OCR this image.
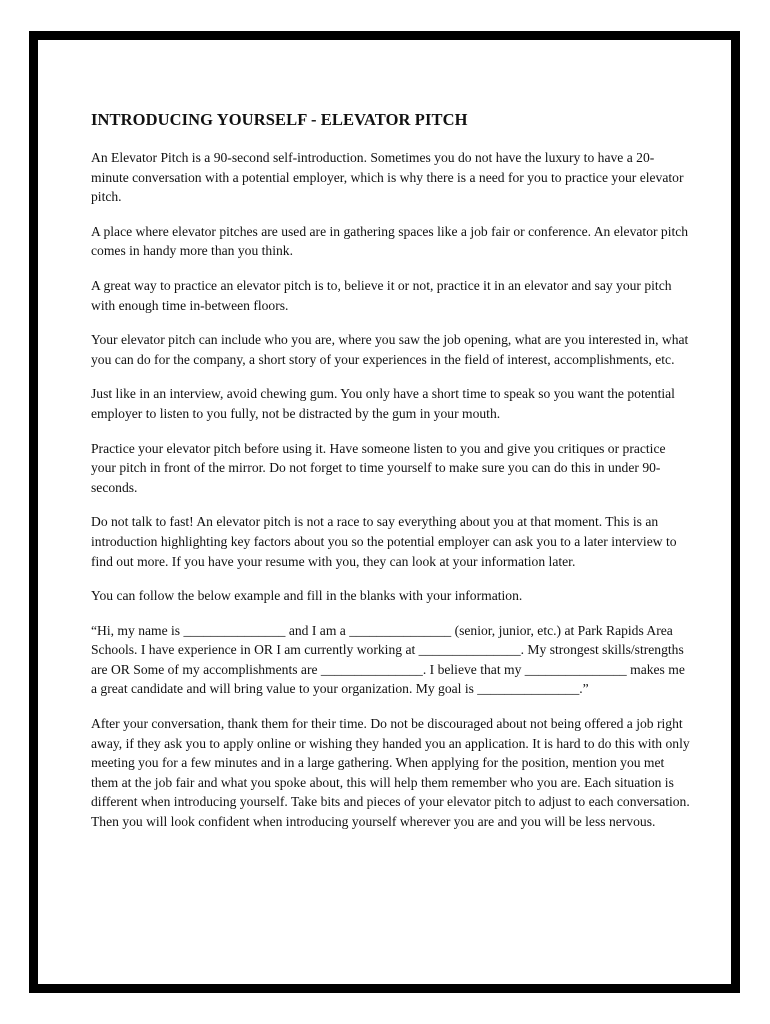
INTRODUCING YOURSELF - ELEVATOR PITCH

An Elevator Pitch is a 90-second self-introduction. Sometimes you do not have the luxury to have a 20-minute conversation with a potential employer, which is why there is a need for you to practice your elevator pitch.

A place where elevator pitches are used are in gathering spaces like a job fair or conference. An elevator pitch comes in handy more than you think.

A great way to practice an elevator pitch is to, believe it or not, practice it in an elevator and say your pitch with enough time in-between floors.

Your elevator pitch can include who you are, where you saw the job opening, what are you interested in, what you can do for the company, a short story of your experiences in the field of interest, accomplishments, etc.

Just like in an interview, avoid chewing gum. You only have a short time to speak so you want the potential employer to listen to you fully, not be distracted by the gum in your mouth.

Practice your elevator pitch before using it. Have someone listen to you and give you critiques or practice your pitch in front of the mirror. Do not forget to time yourself to make sure you can do this in under 90-seconds.

Do not talk to fast! An elevator pitch is not a race to say everything about you at that moment. This is an introduction highlighting key factors about you so the potential employer can ask you to a later interview to find out more. If you have your resume with you, they can look at your information later.

You can follow the below example and fill in the blanks with your information.

“Hi, my name is _______________ and I am a _______________ (senior, junior, etc.) at Park Rapids Area Schools. I have experience in OR I am currently working at _______________. My strongest skills/strengths are OR Some of my accomplishments are _______________. I believe that my _______________ makes me a great candidate and will bring value to your organization. My goal is _______________.”

After your conversation, thank them for their time. Do not be discouraged about not being offered a job right away, if they ask you to apply online or wishing they handed you an application. It is hard to do this with only meeting you for a few minutes and in a large gathering. When applying for the position, mention you met them at the job fair and what you spoke about, this will help them remember who you are. Each situation is different when introducing yourself. Take bits and pieces of your elevator pitch to adjust to each conversation. Then you will look confident when introducing yourself wherever you are and you will be less nervous.
